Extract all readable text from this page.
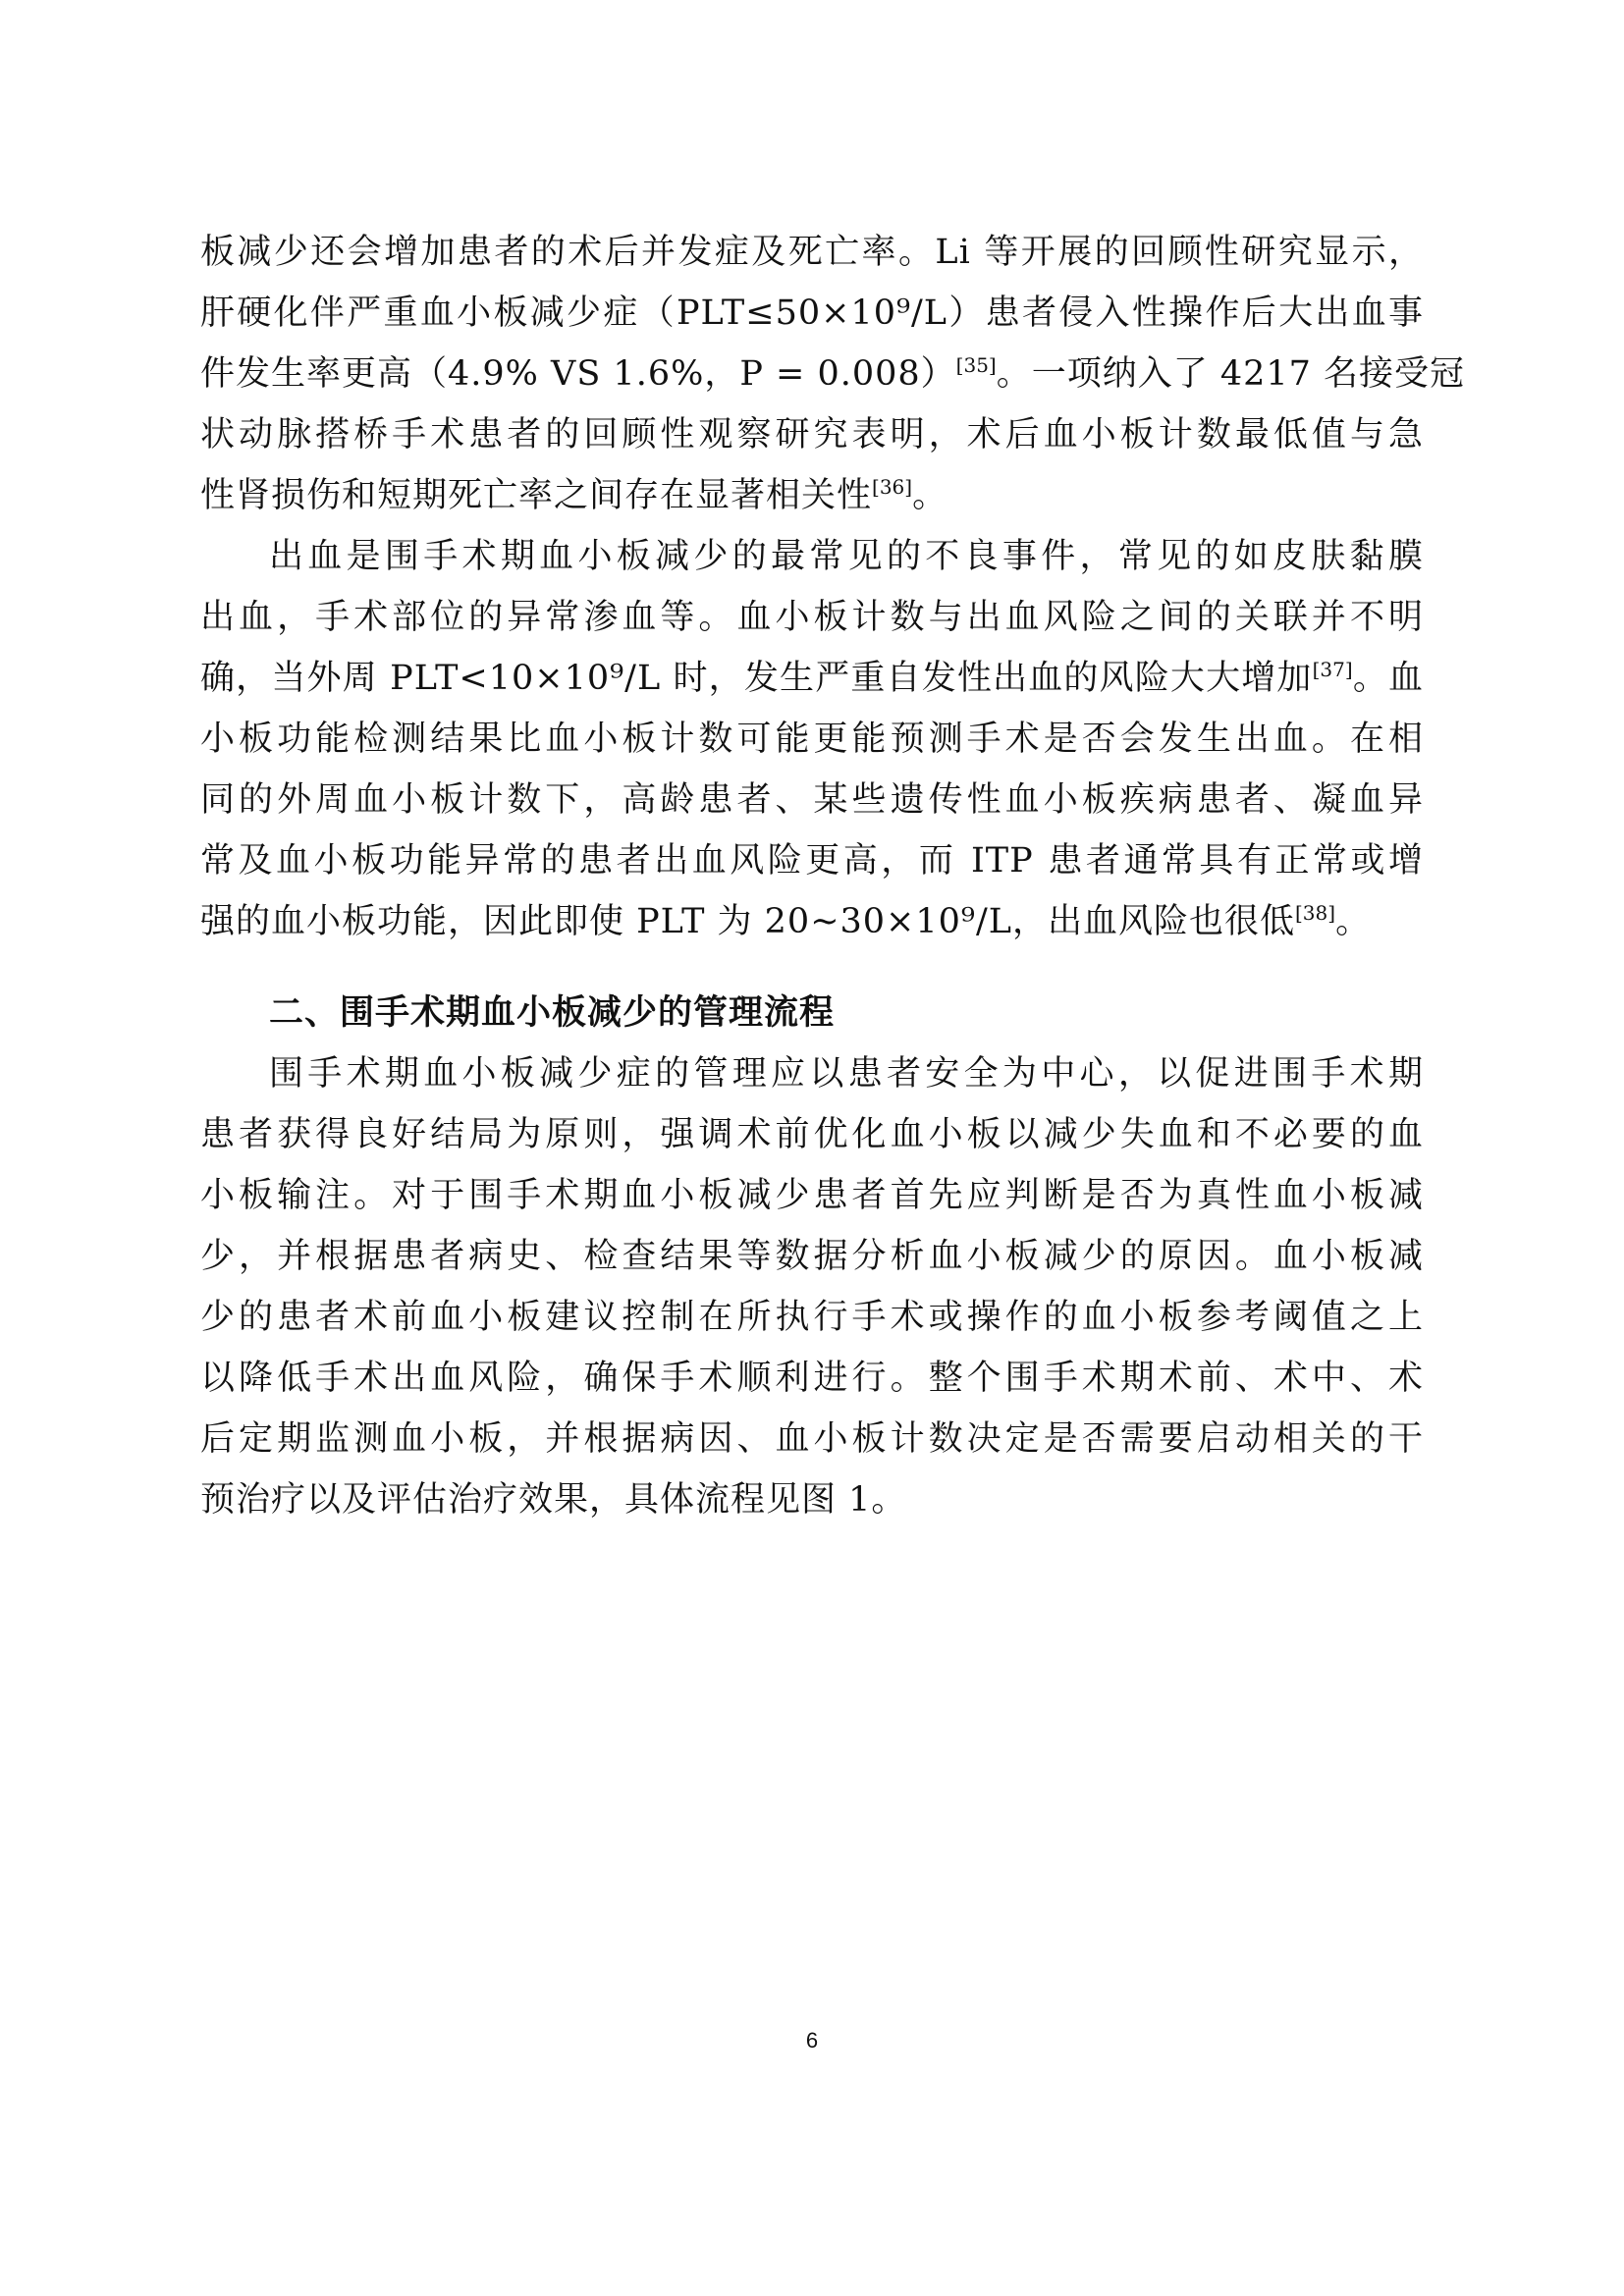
板减少还会增加患者的术后并发症及死亡率。Li 等开展的回顾性研究显示，
肝硬化伴严重血小板减少症（PLT≤50×10⁹/L）患者侵入性操作后大出血事
件发生率更高（4.9% VS 1.6%，P = 0.008）[35]。一项纳入了 4217 名接受冠
状动脉搭桥手术患者的回顾性观察研究表明，术后血小板计数最低值与急
性肾损伤和短期死亡率之间存在显著相关性[36]。
出血是围手术期血小板减少的最常见的不良事件，常见的如皮肤黏膜
出血，手术部位的异常渗血等。血小板计数与出血风险之间的关联并不明
确，当外周 PLT<10×10⁹/L 时，发生严重自发性出血的风险大大增加[37]。血
小板功能检测结果比血小板计数可能更能预测手术是否会发生出血。在相
同的外周血小板计数下，高龄患者、某些遗传性血小板疾病患者、凝血异
常及血小板功能异常的患者出血风险更高，而 ITP 患者通常具有正常或增
强的血小板功能，因此即使 PLT 为 20~30×10⁹/L，出血风险也很低[38]。
二、围手术期血小板减少的管理流程
围手术期血小板减少症的管理应以患者安全为中心，以促进围手术期
患者获得良好结局为原则，强调术前优化血小板以减少失血和不必要的血
小板输注。对于围手术期血小板减少患者首先应判断是否为真性血小板减
少，并根据患者病史、检查结果等数据分析血小板减少的原因。血小板减
少的患者术前血小板建议控制在所执行手术或操作的血小板参考阈值之上
以降低手术出血风险，确保手术顺利进行。整个围手术期术前、术中、术
后定期监测血小板，并根据病因、血小板计数决定是否需要启动相关的干
预治疗以及评估治疗效果，具体流程见图 1。
6
